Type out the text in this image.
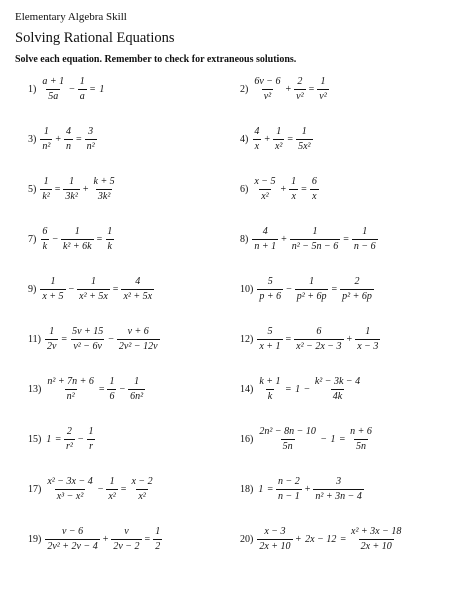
Elementary Algebra Skill
Solving Rational Equations
Solve each equation. Remember to check for extraneous solutions.
$1) \frac{a + 1}{5a} - \frac{1}{a} = 1$	$2) \frac{6v - 6}{\text{v²}} + \frac{2}{\text{v²}} = \frac{1}{\text{v²}}$
$3) \frac{1}{\text{n²}} + \frac{4}{n} = \frac{3}{\text{n²}}$	$4) \frac{4}{x} + \frac{1}{\text{x²}} = \frac{1}{\text{5x²}}$
$5) \frac{1}{\text{k²}} = \frac{1}{\text{3k²}} + \frac{k + 5}{\text{3k²}}$	$6) \frac{x - 5}{\text{x²}} + \frac{1}{x} = \frac{6}{x}$
$7) \frac{6}{k} - \frac{1}{\text{k² + 6k}} = \frac{1}{k}$	$8) \frac{4}{n + 1} + \frac{1}{\text{n² − 5n − 6}} = \frac{1}{n - 6}$
$9) \frac{1}{x + 5} - \frac{1}{\text{x² + 5x}} = \frac{4}{\text{x² + 5x}}$	$10) \frac{5}{p + 6} - \frac{1}{\text{p² + 6p}} = \frac{2}{\text{p² + 6p}}$
$11) \frac{1}{2v} = \frac{5v + 15}{\text{v² − 6v}} - \frac{v + 6}{\text{2v² − 12v}}$	$12) \frac{5}{x + 1} = \frac{6}{\text{x² − 2x − 3}} + \frac{1}{x - 3}$
$13) \frac{\text{n² + 7n + 6}}{\text{n²}} = \frac{1}{6} - \frac{1}{\text{6n²}}$	$14) \frac{k + 1}{k} = 1 - \frac{\text{k² − 3k − 4}}{4k}$
15) $1 = \frac{2}{\text{r²}} - \frac{1}{r}$	$16) \frac{\text{2n² − 8n − 10}}{5n} - 1 = \frac{n + 6}{5n}$
$17) \frac{\text{x² − 3x − 4}}{\text{x³ − x²}} - \frac{1}{\text{x²}} = \frac{x - 2}{\text{x²}}$	18) $1 = \frac{n - 2}{n - 1} + \frac{3}{\text{n² + 3n − 4}}$
$19) \frac{v - 6}{\text{2v² + 2v − 4}} + \frac{v}{2v - 2} = \frac{1}{2}$	$20) \frac{x - 3}{2x + 10} + 2x - 12 = \frac{\text{x² + 3x − 18}}{2x + 10}$
